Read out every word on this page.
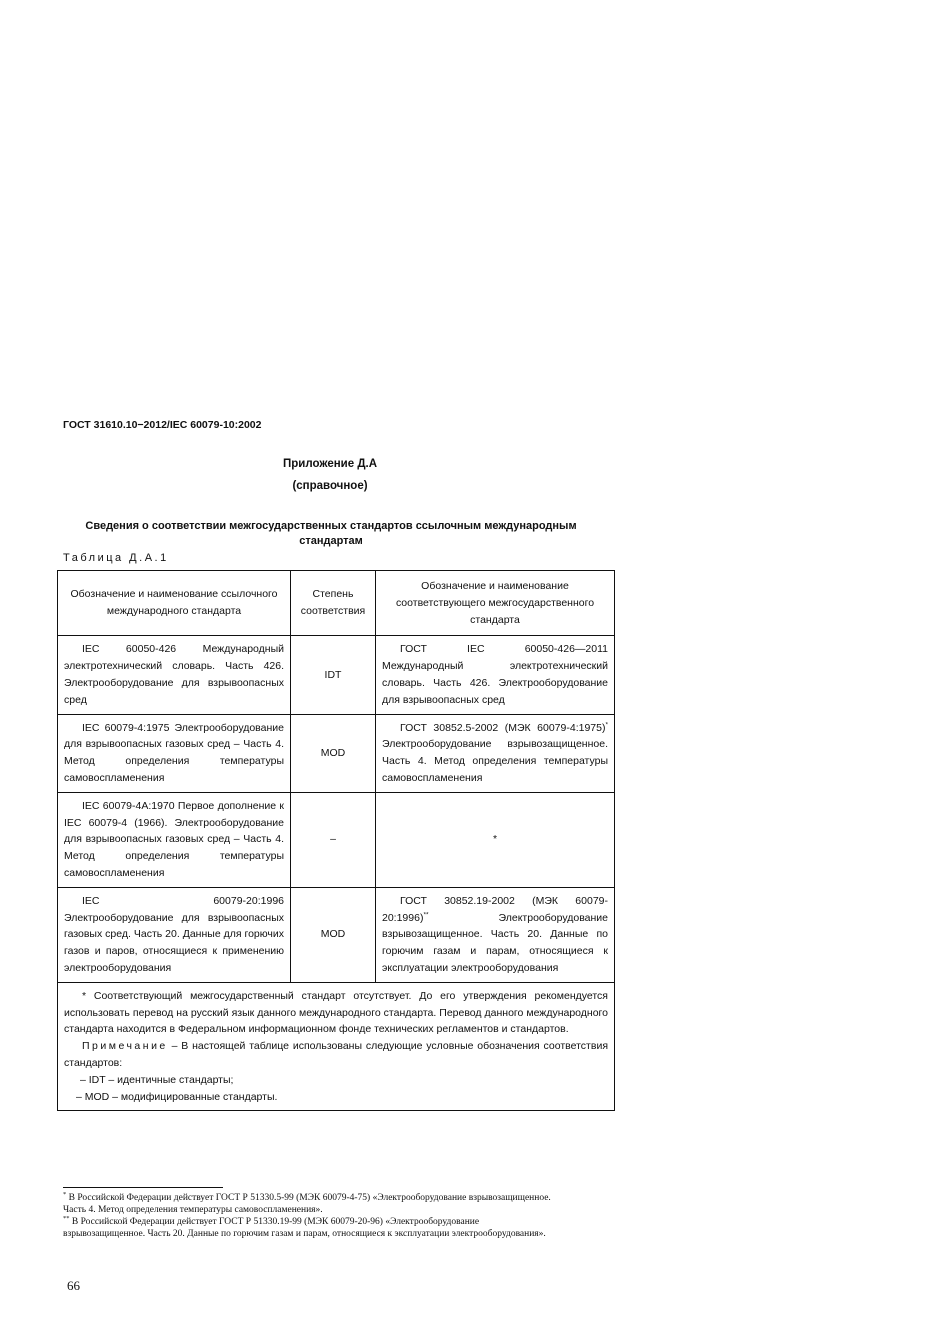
ГОСТ 31610.10−2012/IEC 60079-10:2002
Приложение Д.А
(справочное)
Сведения о соответствии межгосударственных стандартов ссылочным международным стандартам
Таблица Д.А.1
Обозначение и наименование ссылочного международного стандарта	Степень соответствия	Обозначение и наименование соответствующего межгосударственного стандарта
IEC 60050-426 Международный электротехнический словарь. Часть 426. Электрооборудование для взрывоопасных сред	IDT	ГОСТ IEC 60050-426—2011 Международный электротехнический словарь. Часть 426. Электрооборудование для взрывоопасных сред
IEC 60079-4:1975 Электрооборудование для взрывоопасных газовых сред – Часть 4. Метод определения температуры самовоспламенения	MOD	ГОСТ 30852.5-2002 (МЭК 60079-4:1975)* Электрооборудование взрывозащищенное. Часть 4. Метод определения температуры самовоспламенения
IEC 60079-4A:1970 Первое дополнение к IEC 60079-4 (1966). Электрооборудование для взрывоопасных газовых сред – Часть 4. Метод определения температуры самовоспламенения	–	*
IEC 60079-20:1996 Электрооборудование для взрывоопасных газовых сред. Часть 20. Данные для горючих газов и паров, относящиеся к применению электрооборудования	MOD	ГОСТ 30852.19-2002 (МЭК 60079-20:1996)** Электрооборудование взрывозащищенное. Часть 20. Данные по горючим газам и парам, относящиеся к эксплуатации электрооборудования

* Соответствующий межгосударственный стандарт отсутствует. До его утверждения рекомендуется использовать перевод на русский язык данного международного стандарта. Перевод данного международного стандарта находится в Федеральном информационном фонде технических регламентов и стандартов.

Примечание – В настоящей таблице использованы следующие условные обозначения соответствия стандартов:

– IDT – идентичные стандарты;

– MOD – модифицированные стандарты.		

* В Российской Федерации действует ГОСТ Р 51330.5-99 (МЭК 60079-4-75) «Электрооборудование взрывозащищенное. Часть 4. Метод определения температуры самовоспламенения».

** В Российской Федерации действует ГОСТ Р 51330.19-99 (МЭК 60079-20-96) «Электрооборудование взрывозащищенное. Часть 20. Данные по горючим газам и парам, относящиеся к эксплуатации электрооборудования».

66
